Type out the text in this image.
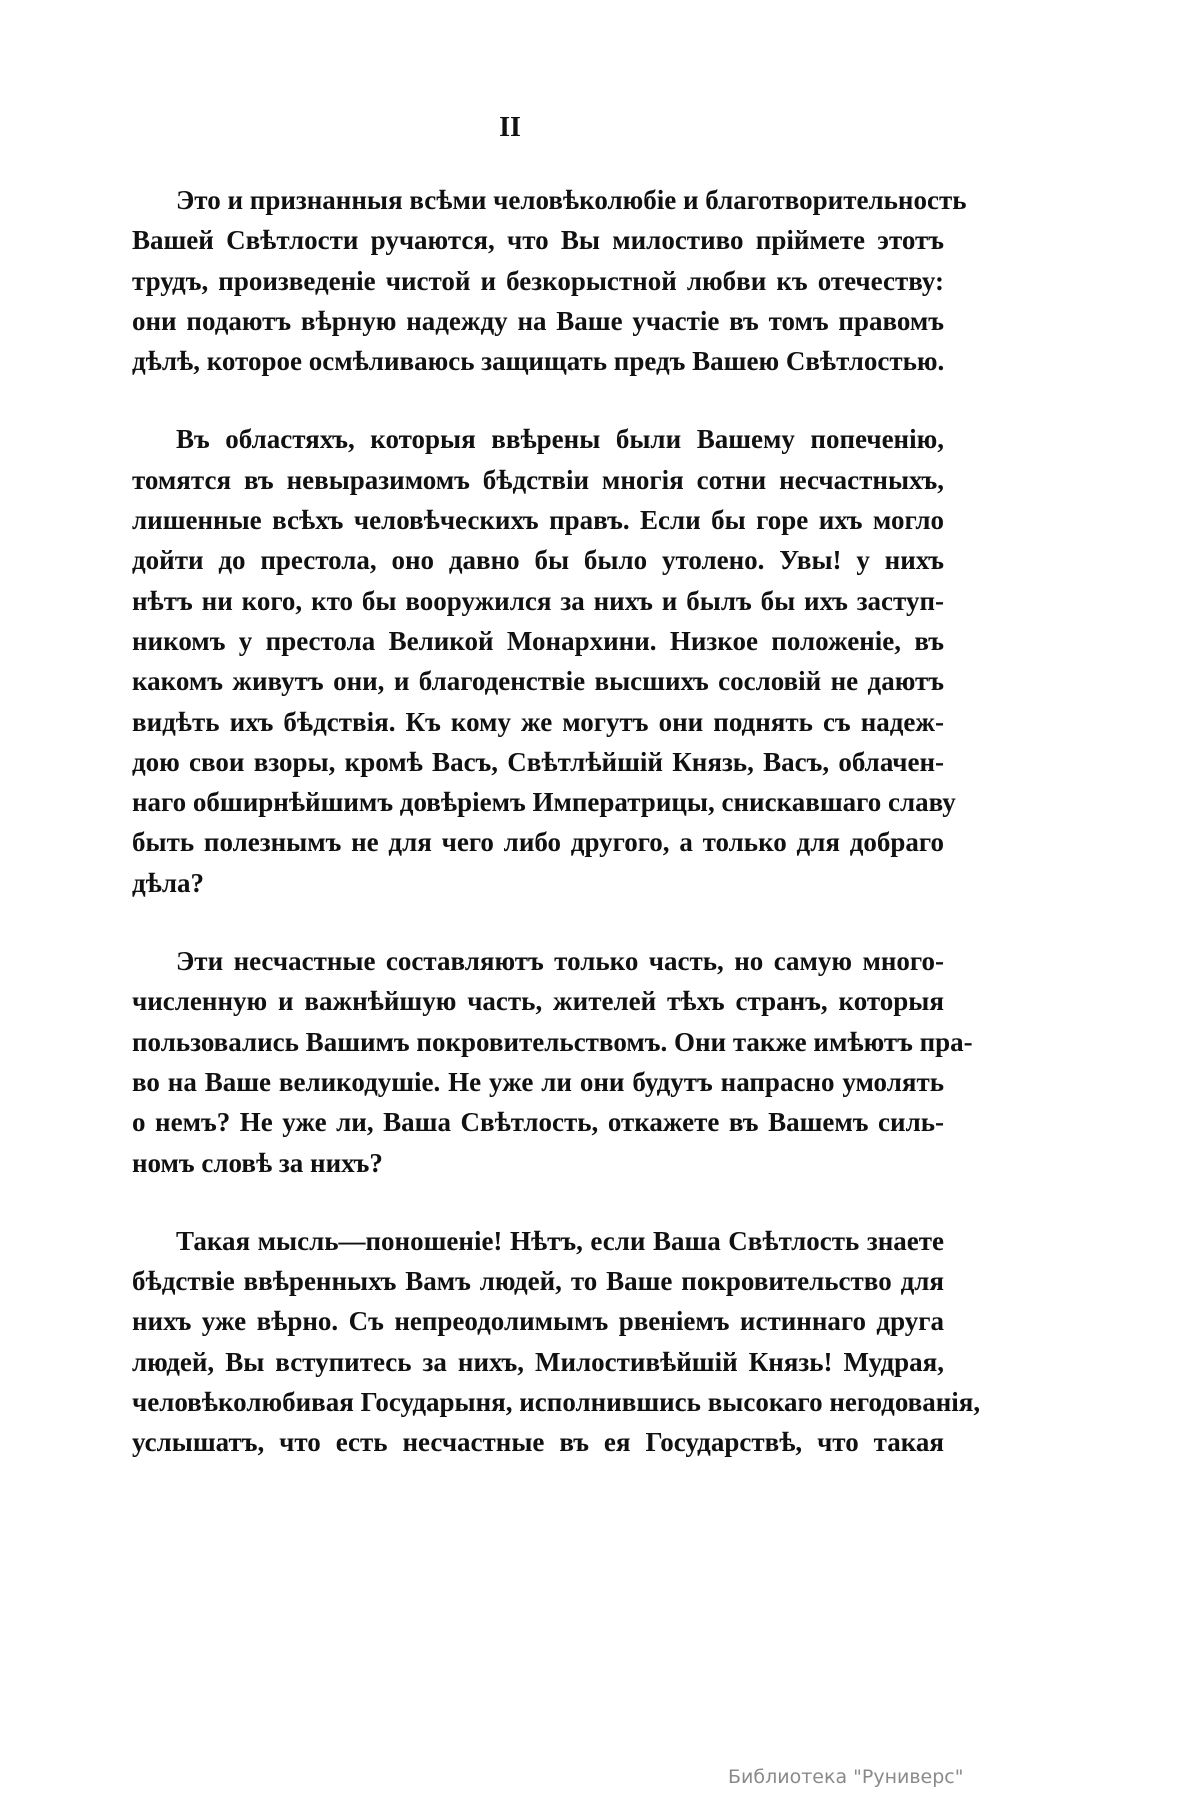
II
Это и признанныя всѣми человѣколюбіе и благотворительность
Вашей Свѣтлости ручаются, что Вы милостиво пріймете этотъ
трудъ, произведеніе чистой и безкорыстной любви къ отечеству:
они подаютъ вѣрную надежду на Ваше участіе въ томъ правомъ
дѣлѣ, которое осмѣливаюсь защищать предъ Вашею Свѣтлостью.
Въ областяхъ, которыя ввѣрены были Вашему попеченію,
томятся въ невыразимомъ бѣдствіи многія сотни несчастныхъ,
лишенные всѣхъ человѣческихъ правъ. Если бы горе ихъ могло
дойти до престола, оно давно бы было утолено. Увы! у нихъ
нѣтъ ни кого, кто бы вооружился за нихъ и былъ бы ихъ заступ-
никомъ у престола Великой Монархини. Низкое положеніе, въ
какомъ живутъ они, и благоденствіе высшихъ сословій не даютъ
видѣть ихъ бѣдствія. Къ кому же могутъ они поднять съ надеж-
дою свои взоры, кромѣ Васъ, Свѣтлѣйшій Князь, Васъ, облачен-
наго обширнѣйшимъ довѣріемъ Императрицы, снискавшаго славу
быть полезнымъ не для чего либо другого, а только для добраго
дѣла?
Эти несчастные составляютъ только часть, но самую много-
численную и важнѣйшую часть, жителей тѣхъ странъ, которыя
пользовались Вашимъ покровительствомъ. Они также имѣютъ пра-
во на Ваше великодушіе. Не уже ли они будутъ напрасно умолять
о немъ? Не уже ли, Ваша Свѣтлость, откажете въ Вашемъ силь-
номъ словѣ за нихъ?
Такая мысль—поношеніе! Нѣтъ, если Ваша Свѣтлость знаете
бѣдствіе ввѣренныхъ Вамъ людей, то Ваше покровительство для
нихъ уже вѣрно. Съ непреодолимымъ рвеніемъ истиннаго друга
людей, Вы вступитесь за нихъ, Милостивѣйшій Князь! Мудрая,
человѣколюбивая Государыня, исполнившись высокаго негодованія,
услышатъ, что есть несчастные въ ея Государствѣ, что такая
Библиотека "Руниверс"
